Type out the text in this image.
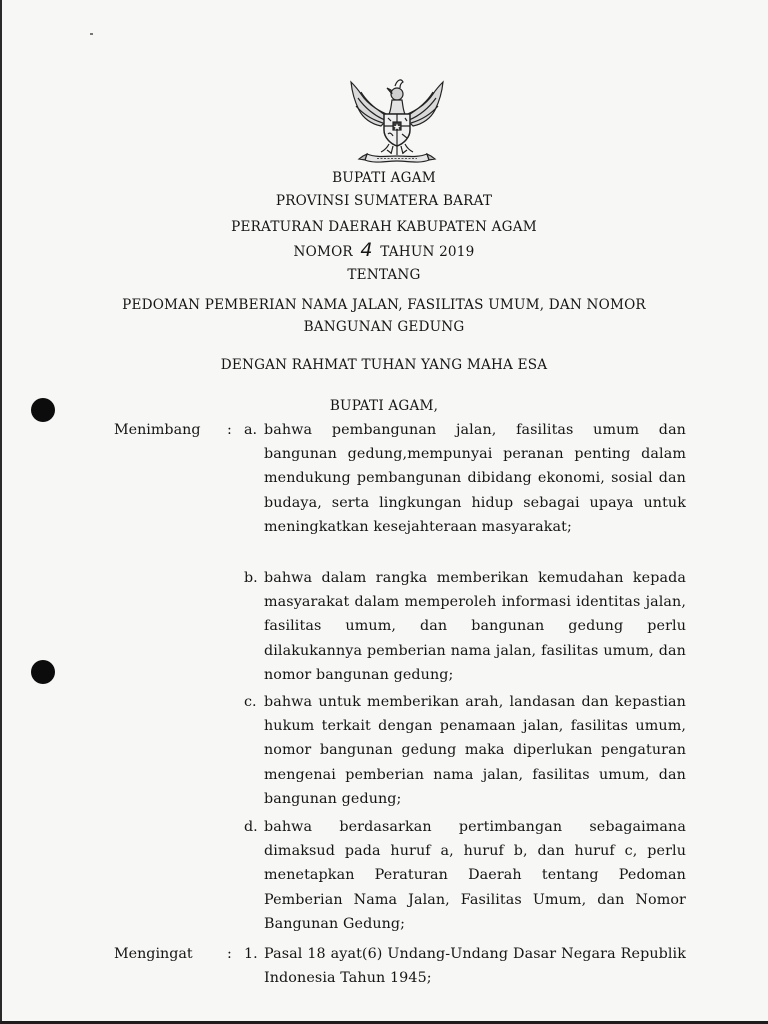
BUPATI AGAM
PROVINSI SUMATERA BARAT
PERATURAN DAERAH KABUPATEN AGAM
NOMOR 4 TAHUN 2019
TENTANG
PEDOMAN PEMBERIAN NAMA JALAN, FASILITAS UMUM, DAN NOMOR
BANGUNAN GEDUNG
DENGAN RAHMAT TUHAN YANG MAHA ESA
BUPATI AGAM,
Menimbang : a. bahwa pembangunan jalan, fasilitas umum dan bangunan gedung,mempunyai peranan penting dalam mendukung pembangunan dibidang ekonomi, sosial dan budaya, serta lingkungan hidup sebagai upaya untuk meningkatkan kesejahteraan masyarakat;
b. bahwa dalam rangka memberikan kemudahan kepada masyarakat dalam memperoleh informasi identitas jalan, fasilitas umum, dan bangunan gedung perlu dilakukannya pemberian nama jalan, fasilitas umum, dan nomor bangunan gedung;
c. bahwa untuk memberikan arah, landasan dan kepastian hukum terkait dengan penamaan jalan, fasilitas umum, nomor bangunan gedung maka diperlukan pengaturan mengenai pemberian nama jalan, fasilitas umum, dan bangunan gedung;
d. bahwa berdasarkan pertimbangan sebagaimana dimaksud pada huruf a, huruf b, dan huruf c, perlu menetapkan Peraturan Daerah tentang Pedoman Pemberian Nama Jalan, Fasilitas Umum, dan Nomor Bangunan Gedung;
Mengingat : 1. Pasal 18 ayat(6) Undang-Undang Dasar Negara Republik Indonesia Tahun 1945;
